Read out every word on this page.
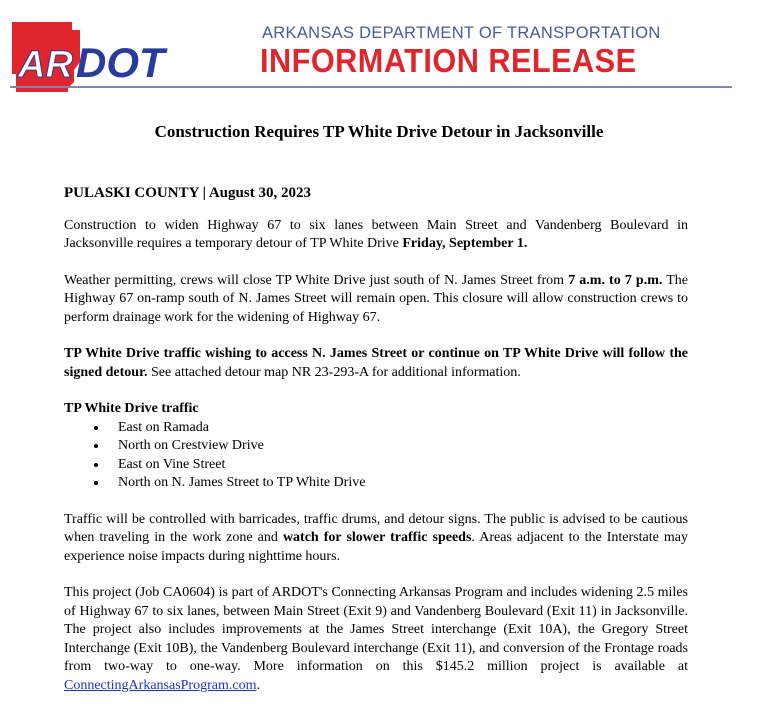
AR DOT
ARKANSAS DEPARTMENT OF TRANSPORTATION
INFORMATION RELEASE
Construction Requires TP White Drive Detour in Jacksonville

PULASKI COUNTY | August 30, 2023

Construction to widen Highway 67 to six lanes between Main Street and Vandenberg Boulevard in Jacksonville requires a temporary detour of TP White Drive Friday, September 1.

Weather permitting, crews will close TP White Drive just south of N. James Street from 7 a.m. to 7 p.m. The Highway 67 on-ramp south of N. James Street will remain open. This closure will allow construction crews to perform drainage work for the widening of Highway 67.

TP White Drive traffic wishing to access N. James Street or continue on TP White Drive will follow the signed detour. See attached detour map NR 23-293-A for additional information.

TP White Drive traffic

• East on Ramada
• North on Crestview Drive
• East on Vine Street
• North on N. James Street to TP White Drive

Traffic will be controlled with barricades, traffic drums, and detour signs. The public is advised to be cautious when traveling in the work zone and watch for slower traffic speeds. Areas adjacent to the Interstate may experience noise impacts during nighttime hours.

This project (Job CA0604) is part of ARDOT's Connecting Arkansas Program and includes widening 2.5 miles of Highway 67 to six lanes, between Main Street (Exit 9) and Vandenberg Boulevard (Exit 11) in Jacksonville. The project also includes improvements at the James Street interchange (Exit 10A), the Gregory Street Interchange (Exit 10B), the Vandenberg Boulevard interchange (Exit 11), and conversion of the Frontage roads from two-way to one-way. More information on this $145.2 million project is available at ConnectingArkansasProgram.com.
